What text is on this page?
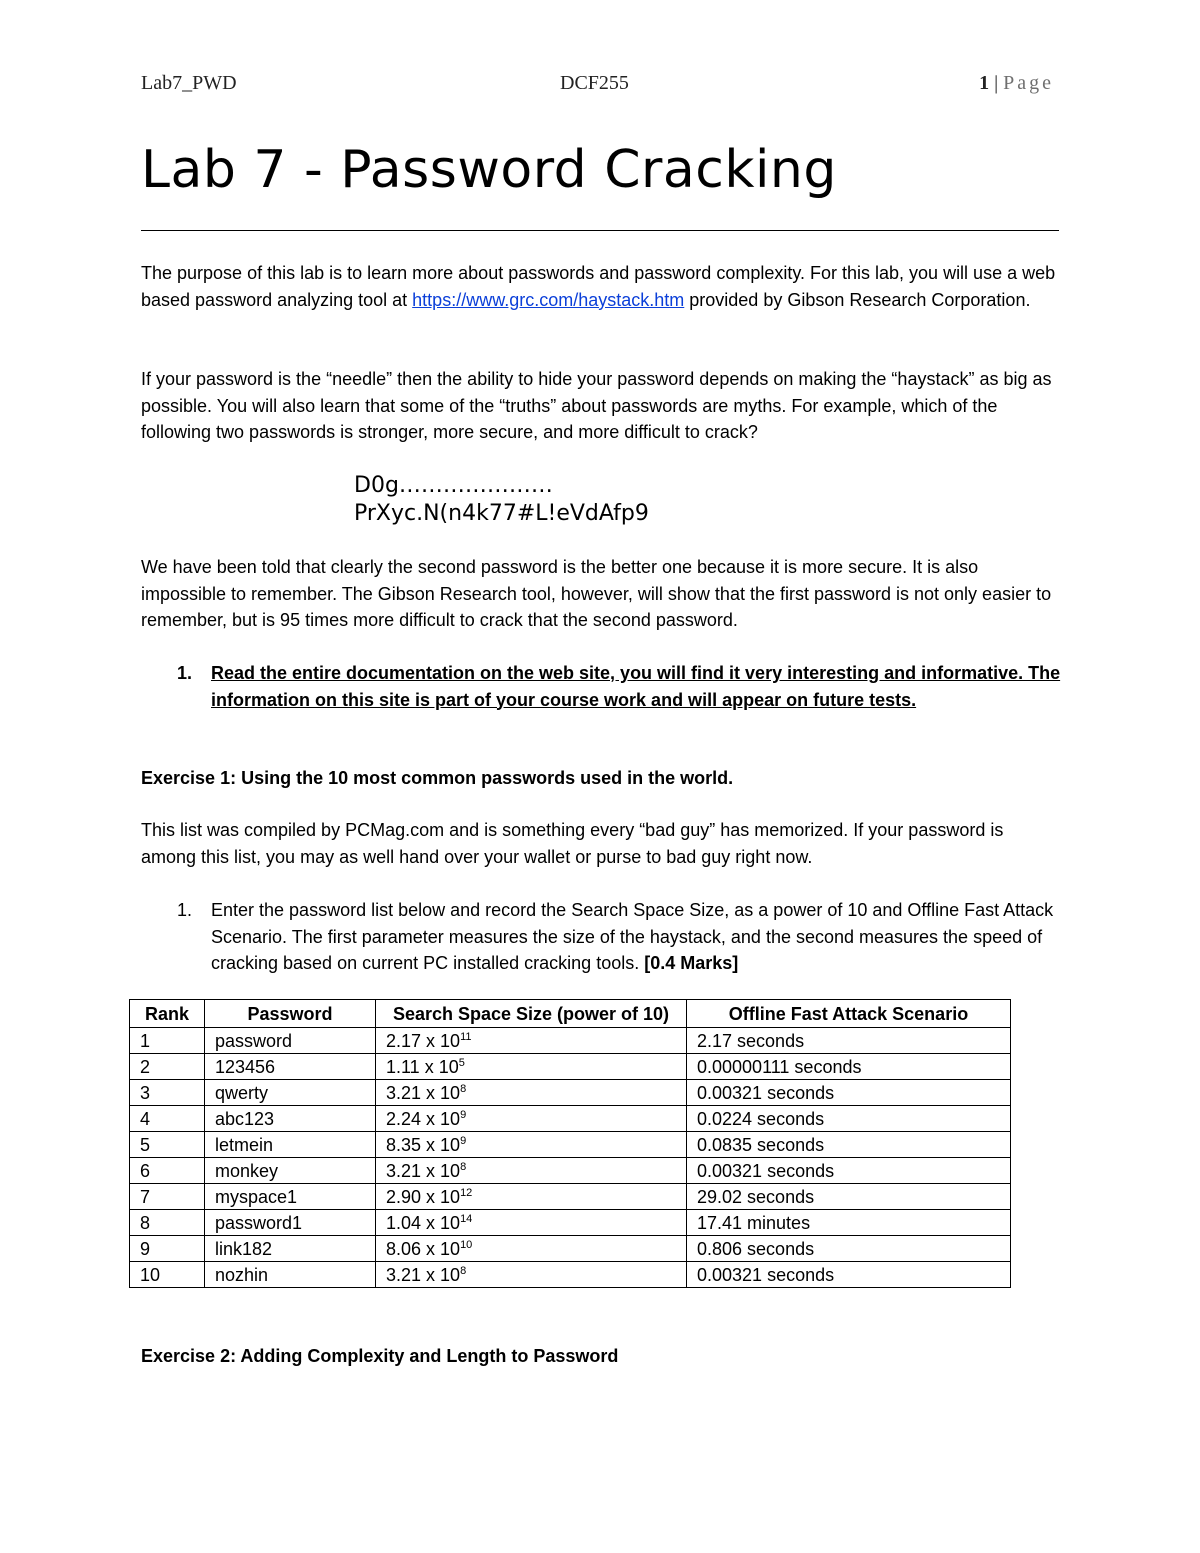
Lab7_PWD	DCF255	1 | Page
Lab 7 - Password Cracking

The purpose of this lab is to learn more about passwords and password complexity. For this lab, you will use a web based password analyzing tool at https://www.grc.com/haystack.htm provided by Gibson Research Corporation.

If your password is the “needle” then the ability to hide your password depends on making the “haystack” as big as possible. You will also learn that some of the “truths” about passwords are myths. For example, which of the following two passwords is stronger, more secure, and more difficult to crack?

D0g…………………
PrXyc.N(n4k77#L!eVdAfp9

We have been told that clearly the second password is the better one because it is more secure. It is also impossible to remember. The Gibson Research tool, however, will show that the first password is not only easier to remember, but is 95 times more difficult to crack that the second password.

1. Read the entire documentation on the web site, you will find it very interesting and informative. The information on this site is part of your course work and will appear on future tests.
Exercise 1: Using the 10 most common passwords used in the world.

This list was compiled by PCMag.com and is something every “bad guy” has memorized. If your password is among this list, you may as well hand over your wallet or purse to bad guy right now.

1. Enter the password list below and record the Search Space Size, as a power of 10 and Offline Fast Attack Scenario. The first parameter measures the size of the haystack, and the second measures the speed of cracking based on current PC installed cracking tools. [0.4 Marks]
Rank	Password	Search Space Size (power of 10)	Offline Fast Attack Scenario
1	password	2.17 x $10^{11}$	2.17 seconds
2	123456	1.11 x $10^5$	0.00000111 seconds
3	qwerty	3.21 x $10^8$	0.00321 seconds
4	abc123	2.24 x $10^9$	0.0224 seconds
5	letmein	8.35 x $10^9$	0.0835 seconds
6	monkey	3.21 x $10^8$	0.00321 seconds
7	myspace1	2.90 x $10^{12}$	29.02 seconds
8	password1	1.04 x $10^{14}$	17.41 minutes
9	link182	8.06 x $10^{10}$	0.806 seconds
10	nozhin	3.21 x $10^8$	0.00321 seconds
Exercise 2: Adding Complexity and Length to Password
